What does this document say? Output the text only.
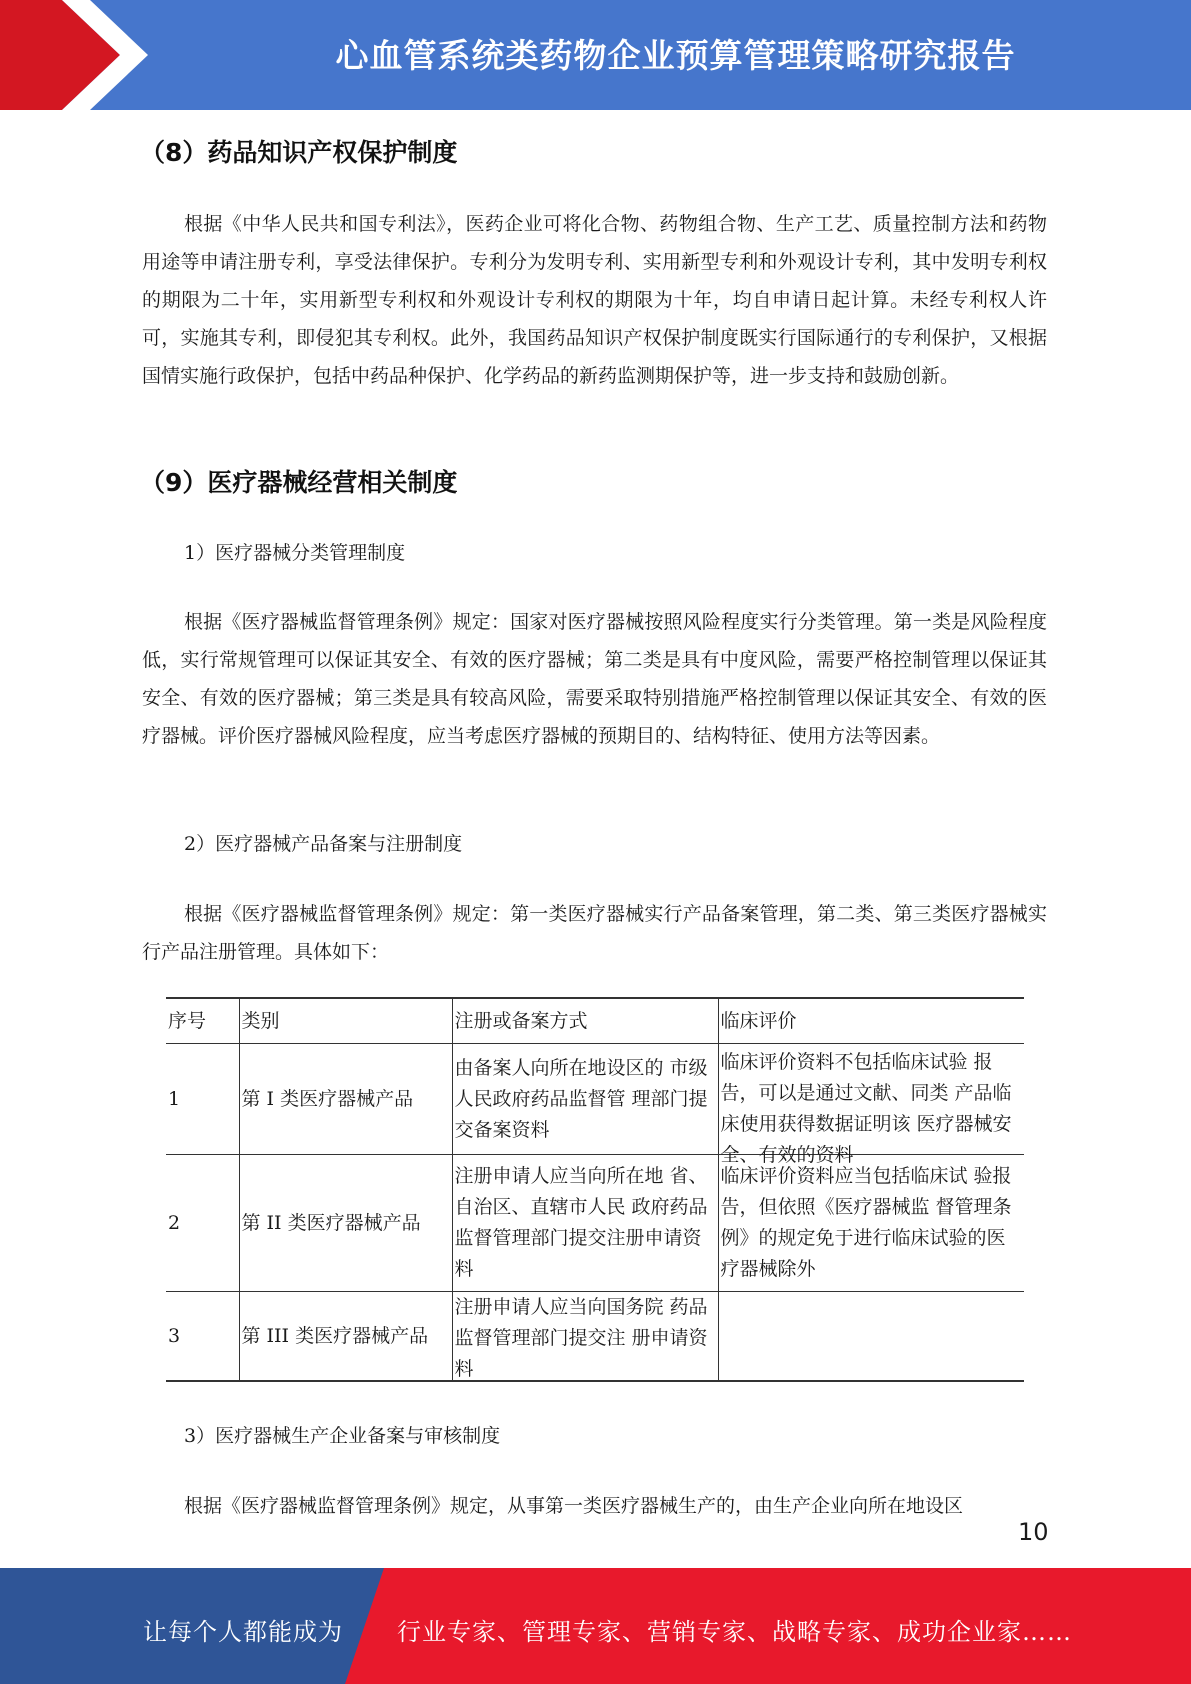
心血管系统类药物企业预算管理策略研究报告
（8）药品知识产权保护制度

根据《中华人民共和国专利法》，医药企业可将化合物、药物组合物、生产工艺、质量控制方法和药物用途等申请注册专利，享受法律保护。专利分为发明专利、实用新型专利和外观设计专利，其中发明专利权的期限为二十年，实用新型专利权和外观设计专利权的期限为十年，均自申请日起计算。未经专利权人许可，实施其专利，即侵犯其专利权。此外，我国药品知识产权保护制度既实行国际通行的专利保护，又根据国情实施行政保护，包括中药品种保护、化学药品的新药监测期保护等，进一步支持和鼓励创新。

（9）医疗器械经营相关制度
1）医疗器械分类管理制度

根据《医疗器械监督管理条例》规定：国家对医疗器械按照风险程度实行分类管理。第一类是风险程度低，实行常规管理可以保证其安全、有效的医疗器械；第二类是具有中度风险，需要严格控制管理以保证其安全、有效的医疗器械；第三类是具有较高风险，需要采取特别措施严格控制管理以保证其安全、有效的医疗器械。评价医疗器械风险程度，应当考虑医疗器械的预期目的、结构特征、使用方法等因素。

2）医疗器械产品备案与注册制度

根据《医疗器械监督管理条例》规定：第一类医疗器械实行产品备案管理，第二类、第三类医疗器械实行产品注册管理。具体如下：

序号	类别	注册或备案方式	临床评价
1	第 I 类医疗器械产品	由备案人向所在地设区的 市级人民政府药品监督管 理部门提交备案资料	临床评价资料不包括临床试验 报告，可以是通过文献、同类 产品临床使用获得数据证明该 医疗器械安全、有效的资料

2	第 II 类医疗器械产品	注册申请人应当向所在地 省、自治区、直辖市人民 政府药品监督管理部门提交注册申请资料	临床评价资料应当包括临床试 验报告，但依照《医疗器械监 督管理条例》的规定免于进行临床试验的医疗器械除外

3	第 III 类医疗器械产品	注册申请人应当向国务院 药品监督管理部门提交注 册申请资料	

3）医疗器械生产企业备案与审核制度

根据《医疗器械监督管理条例》规定，从事第一类医疗器械生产的，由生产企业向所在地设区

10
让每个人都能成为 行业专家、管理专家、营销专家、战略专家、成功企业家……
